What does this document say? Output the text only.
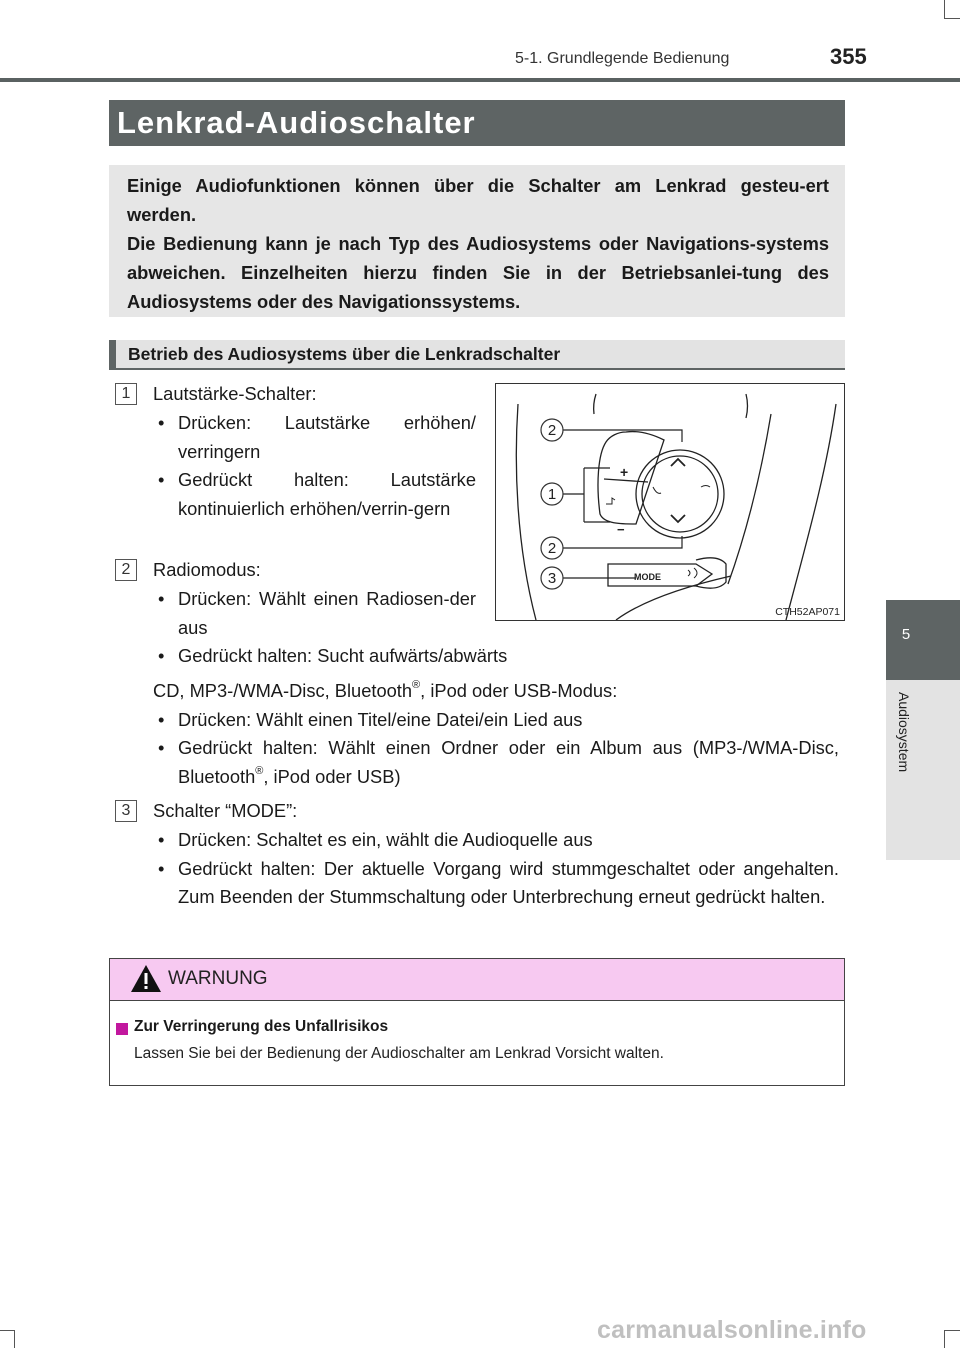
5-1. Grundlegende Bedienung	355
Lenkrad-Audioschalter

Einige Audiofunktionen können über die Schalter am Lenkrad gesteu-ert werden.

Die Bedienung kann je nach Typ des Audiosystems oder Navigations-systems abweichen. Einzelheiten hierzu finden Sie in der Betriebsanlei-tung des Audiosystems oder des Navigationssystems.

Betrieb des Audiosystems über die Lenkradschalter
1	Lautstärke-Schalter:
• Drücken: Lautstärke erhöhen/ verringern
• Gedrückt halten: Lautstärke kontinuierlich erhöhen/verrin-gern
2	Radiomodus:
• Drücken: Wählt einen Radiosen-der aus
• Gedrückt halten: Sucht aufwärts/abwärts
CD, MP3-/WMA-Disc, Bluetooth®, iPod oder USB-Modus:
• Drücken: Wählt einen Titel/eine Datei/ein Lied aus
• Gedrückt halten: Wählt einen Ordner oder ein Album aus (MP3-/WMA-Disc, Bluetooth®, iPod oder USB)
3	Schalter “MODE”:
• Drücken: Schaltet es ein, wählt die Audioquelle aus
• Gedrückt halten: Der aktuelle Vorgang wird stummgeschaltet oder angehalten. Zum Beenden der Stummschaltung oder Unterbrechung erneut gedrückt halten.
2
1
2
3
+
−
MODE
CTH52AP071
WARNUNG
Zur Verringerung des Unfallrisikos
Lassen Sie bei der Bedienung der Audioschalter am Lenkrad Vorsicht walten.
5
Audiosystem
carmanualsonline.info
